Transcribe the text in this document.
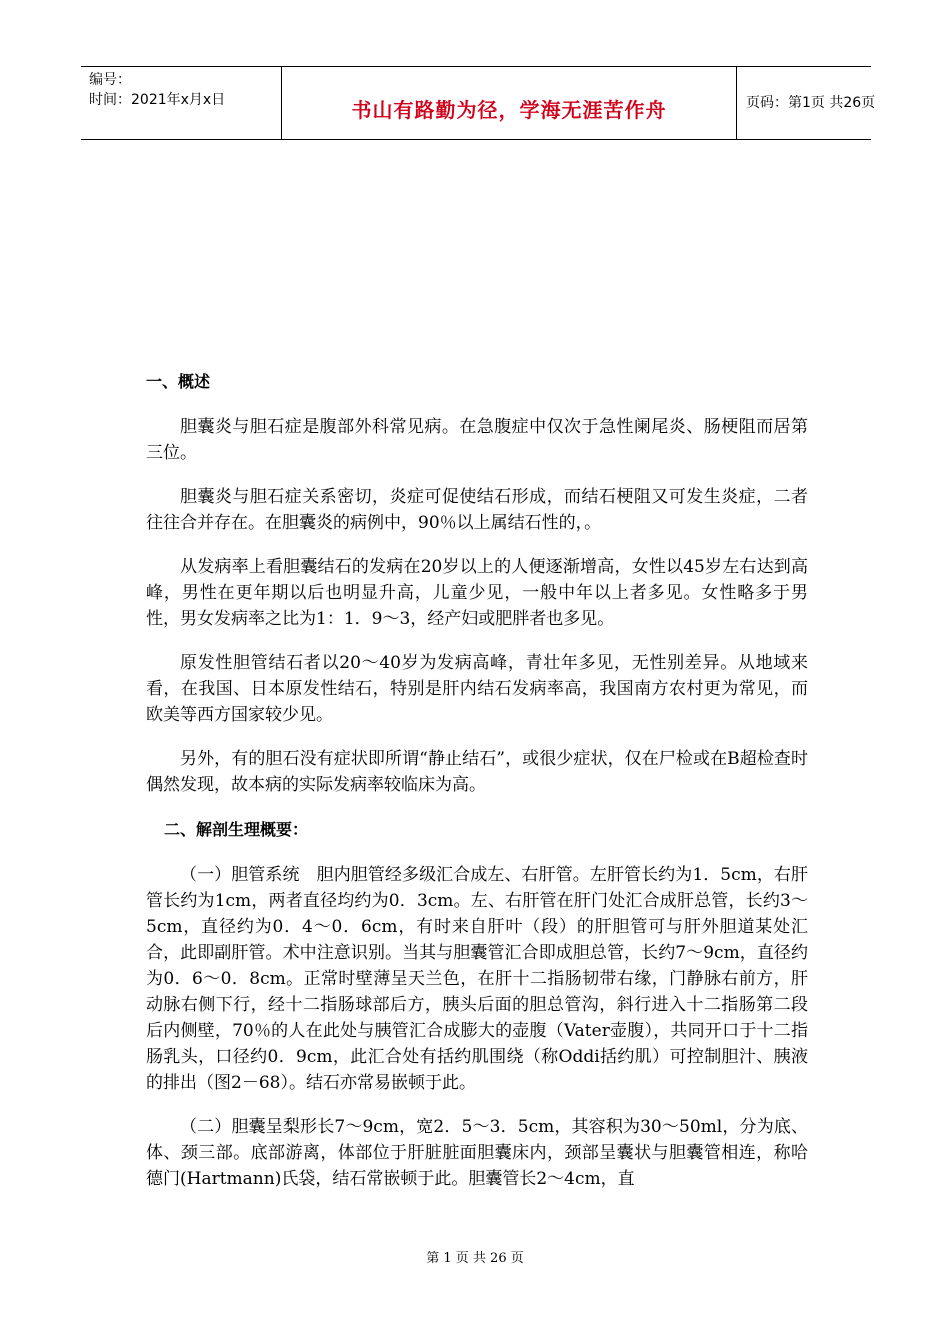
编号：
时间：2021年x月x日	书山有路勤为径，学海无涯苦作舟	页码：第1页 共26页
一、概述

胆囊炎与胆石症是腹部外科常见病。在急腹症中仅次于急性阑尾炎、肠梗阻而居第三位。

胆囊炎与胆石症关系密切，炎症可促使结石形成，而结石梗阻又可发生炎症，二者往往合并存在。在胆囊炎的病例中，90％以上属结石性的，。

从发病率上看胆囊结石的发病在20岁以上的人便逐渐增高，女性以45岁左右达到高峰，男性在更年期以后也明显升高，儿童少见，一般中年以上者多见。女性略多于男性，男女发病率之比为1：1．9～3，经产妇或肥胖者也多见。

原发性胆管结石者以20～40岁为发病高峰，青壮年多见，无性别差异。从地域来看，在我国、日本原发性结石，特别是肝内结石发病率高，我国南方农村更为常见，而欧美等西方国家较少见。

另外，有的胆石没有症状即所谓“静止结石”，或很少症状，仅在尸检或在B超检查时偶然发现，故本病的实际发病率较临床为高。

二、解剖生理概要：

（一）胆管系统　胆内胆管经多级汇合成左、右肝管。左肝管长约为1．5cm，右肝管长约为1cm，两者直径均约为0．3cm。左、右肝管在肝门处汇合成肝总管，长约3～5cm，直径约为0．4～0．6cm，有时来自肝叶（段）的肝胆管可与肝外胆道某处汇合，此即副肝管。术中注意识别。当其与胆囊管汇合即成胆总管，长约7～9cm，直径约为0．6～0．8cm。正常时壁薄呈天兰色，在肝十二指肠韧带右缘，门静脉右前方，肝动脉右侧下行，经十二指肠球部后方，胰头后面的胆总管沟，斜行进入十二指肠第二段后内侧壁，70％的人在此处与胰管汇合成膨大的壶腹（Vater壶腹），共同开口于十二指肠乳头，口径约0．9cm，此汇合处有括约肌围绕（称Oddi括约肌）可控制胆汁、胰液的排出（图2－68）。结石亦常易嵌顿于此。

（二）胆囊呈梨形长7～9cm，宽2．5～3．5cm，其容积为30～50ml，分为底、体、颈三部。底部游离，体部位于肝脏脏面胆囊床内，颈部呈囊状与胆囊管相连，称哈德门(Hartmann)氏袋，结石常嵌顿于此。胆囊管长2～4cm，直

第 1 页 共 26 页
